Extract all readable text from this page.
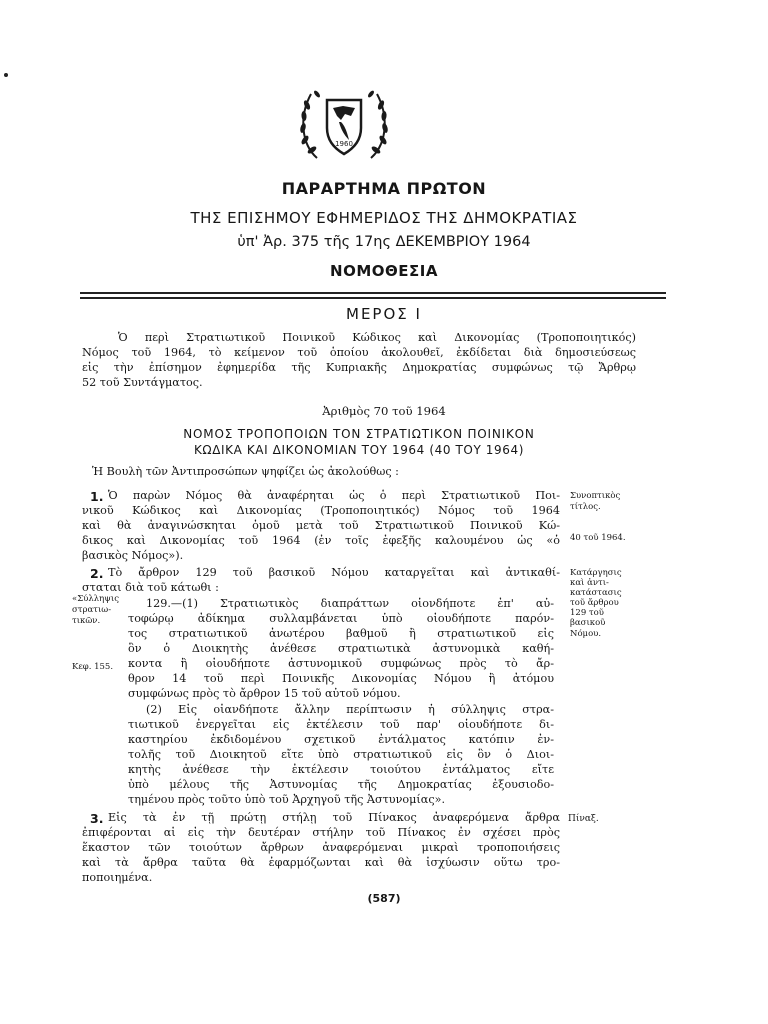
1960
ΠΑΡΑΡΤΗΜΑ ΠΡΩΤΟΝ
ΤΗΣ ΕΠΙΣΗΜΟΥ ΕΦΗΜΕΡΙΔΟΣ ΤΗΣ ΔΗΜΟΚΡΑΤΙΑΣ
ὑπ' Ἀρ. 375 τῆς 17ης ΔΕΚΕΜΒΡΙΟΥ 1964
ΝΟΜΟΘΕΣΙΑ
ΜΕΡΟΣ Ι
Ὁ περὶ Στρατιωτικοῦ Ποινικοῦ Κώδικος καὶ Δικονομίας (Τροποποιητικός)
Νόμος τοῦ 1964, τὸ κείμενον τοῦ ὁποίου ἀκολουθεῖ, ἐκδίδεται διὰ δημοσιεύσεως
εἰς τὴν ἐπίσημον ἐφημερίδα τῆς Κυπριακῆς Δημοκρατίας συμφώνως τῷ Ἄρθρῳ
52 τοῦ Συντάγματος.
Ἀριθμὸς 70 τοῦ 1964
ΝΟΜΟΣ ΤΡΟΠΟΠΟΙΩΝ ΤΟΝ ΣΤΡΑΤΙΩΤΙΚΟΝ ΠΟΙΝΙΚΟΝ
ΚΩΔΙΚΑ ΚΑΙ ΔΙΚΟΝΟΜΙΑΝ ΤΟΥ 1964 (40 ΤΟΥ 1964)
Ἡ Βουλὴ τῶν Ἀντιπροσώπων ψηφίζει ὡς ἀκολούθως :
1. Ὁ παρὼν Νόμος θὰ ἀναφέρηται ὡς ὁ περὶ Στρατιωτικοῦ Ποι-
νικοῦ Κώδικος καὶ Δικονομίας (Τροποποιητικός) Νόμος τοῦ 1964
καὶ θὰ ἀναγινώσκηται ὁμοῦ μετὰ τοῦ Στρατιωτικοῦ Ποινικοῦ Κώ-
δικος καὶ Δικονομίας τοῦ 1964 (ἐν τοῖς ἑφεξῆς καλουμένου ὡς «ὁ
βασικὸς Νόμος»).
Συνοπτικὸς
τίτλος.
40 τοῦ 1964.
2. Τὸ ἄρθρον 129 τοῦ βασικοῦ Νόμου καταργεῖται καὶ ἀντικαθί-
σταται διὰ τοῦ κάτωθι :
Κατάργησις
καὶ ἀντι-
κατάστασις
τοῦ ἄρθρου
129 τοῦ
βασικοῦ
Νόμου.
«Σύλληψις
στρατιω-
τικῶν.
Κεφ. 155.
129.—(1) Στρατιωτικὸς διαπράττων οἱονδήποτε ἐπ' αὐ-
τοφώρῳ ἀδίκημα συλλαμβάνεται ὑπὸ οἱουδήποτε παρόν-
τος στρατιωτικοῦ ἀνωτέρου βαθμοῦ ἢ στρατιωτικοῦ εἰς
ὃν ὁ Διοικητὴς ἀνέθεσε στρατιωτικὰ ἀστυνομικὰ καθή-
κοντα ἢ οἱουδήποτε ἀστυνομικοῦ συμφώνως πρὸς τὸ ἄρ-
θρον 14 τοῦ περὶ Ποινικῆς Δικονομίας Νόμου ἢ ἀτόμου
συμφώνως πρὸς τὸ ἄρθρον 15 τοῦ αὐτοῦ νόμου.
(2) Εἰς οἱανδήποτε ἄλλην περίπτωσιν ἡ σύλληψις στρα-
τιωτικοῦ ἐνεργεῖται εἰς ἐκτέλεσιν τοῦ παρ' οἱουδήποτε δι-
καστηρίου ἐκδιδομένου σχετικοῦ ἐντάλματος κατόπιν ἐν-
τολῆς τοῦ Διοικητοῦ εἴτε ὑπὸ στρατιωτικοῦ εἰς ὃν ὁ Διοι-
κητὴς ἀνέθεσε τὴν ἐκτέλεσιν τοιούτου ἐντάλματος εἴτε
ὑπὸ μέλους τῆς Ἀστυνομίας τῆς Δημοκρατίας ἐξουσιοδο-
τημένου πρὸς τοῦτο ὑπὸ τοῦ Ἀρχηγοῦ τῆς Ἀστυνομίας».
3. Εἰς τὰ ἐν τῇ πρώτῃ στήλῃ τοῦ Πίνακος ἀναφερόμενα ἄρθρα
ἐπιφέρονται αἱ εἰς τὴν δευτέραν στήλην τοῦ Πίνακος ἐν σχέσει πρὸς
ἕκαστον τῶν τοιούτων ἄρθρων ἀναφερόμεναι μικραὶ τροποποιήσεις
καὶ τὰ ἄρθρα ταῦτα θὰ ἐφαρμόζωνται καὶ θὰ ἰσχύωσιν οὕτω τρο-
ποποιημένα.
Πίναξ.
(587)
